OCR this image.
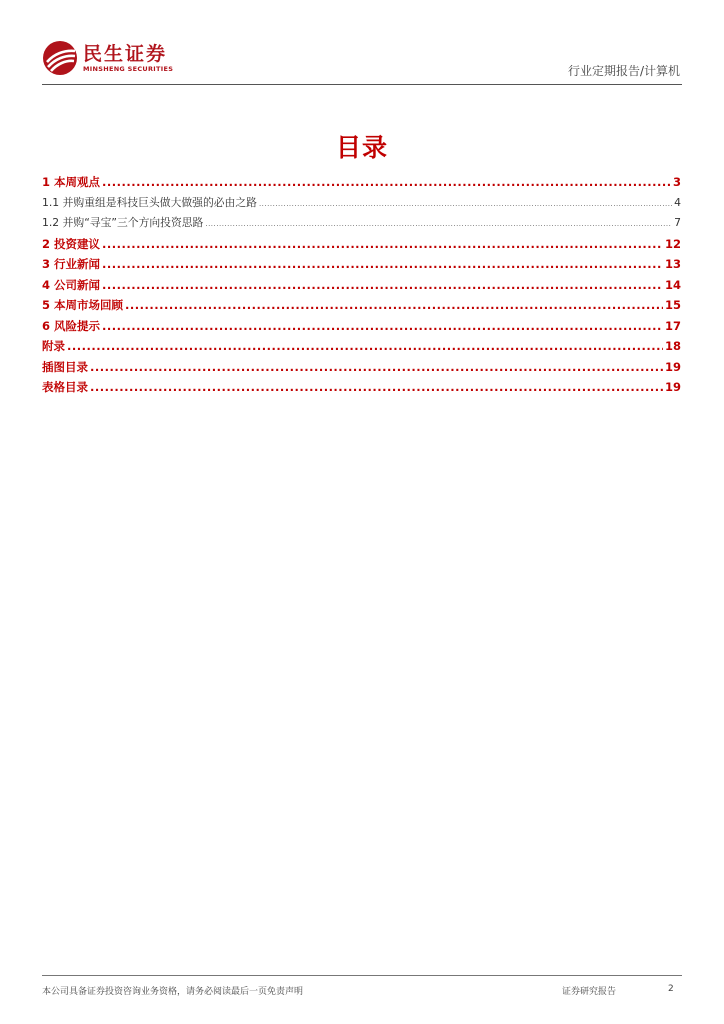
民生证券
MINSHENG SECURITIES	行业定期报告/计算机
目录
1 本周观点 .....	3
1.1 并购重组是科技巨头做大做强的必由之路 .....	4
1.2 并购“寻宝”三个方向投资思路 .....	7
2 投资建议 .....	12
3 行业新闻 .....	13
4 公司新闻 .....	14
5 本周市场回顾 .....	15
6 风险提示 .....	17
附录 .....	18
插图目录 .....	19
表格目录 .....	19
本公司具备证券投资咨询业务资格，请务必阅读最后一页免责声明	证券研究报告	2
